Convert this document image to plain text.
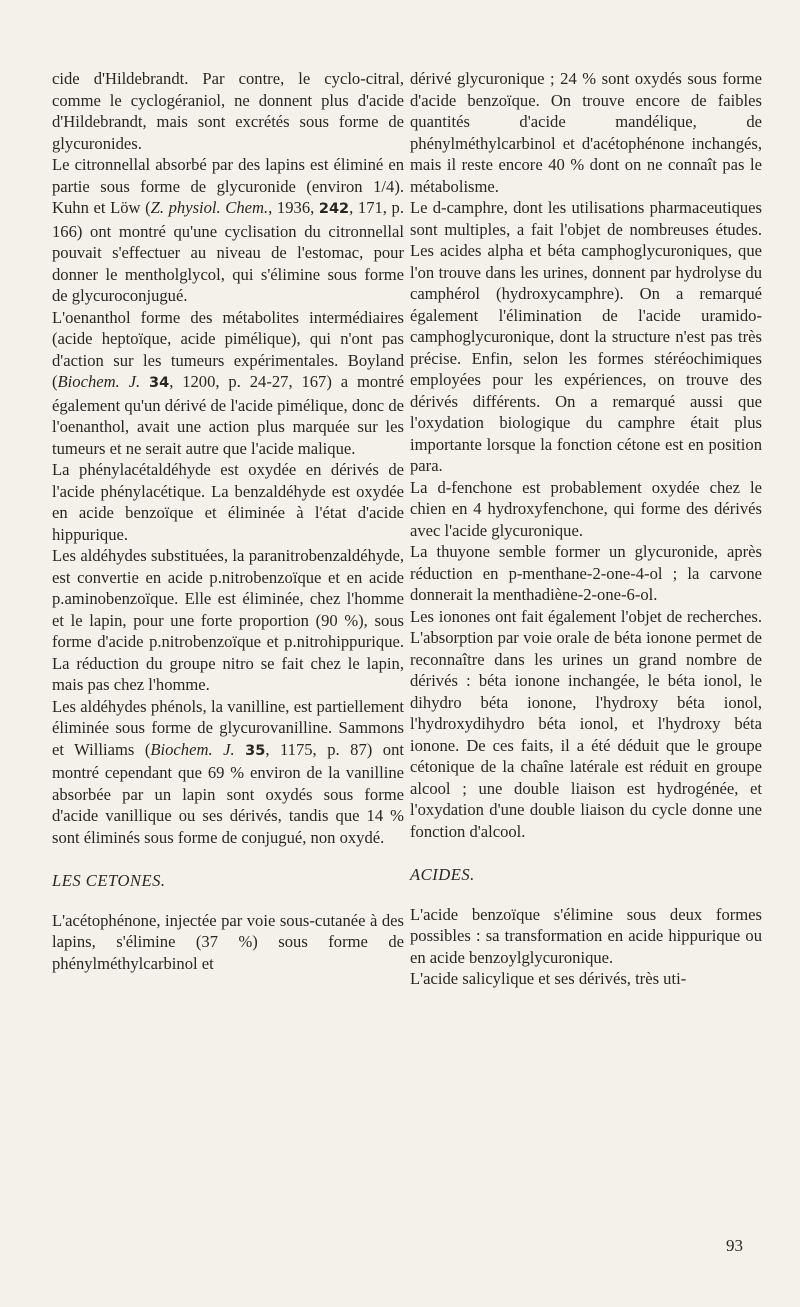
cide d'Hildebrandt. Par contre, le cyclo-citral, comme le cyclogéraniol, ne donnent plus d'acide d'Hildebrandt, mais sont excrétés sous forme de glycuronides.

Le citronnellal absorbé par des lapins est éliminé en partie sous forme de glycuronide (environ 1/4). Kuhn et Löw (Z. physiol. Chem., 1936, 242, 171, p. 166) ont montré qu'une cyclisation du citronnellal pouvait s'effectuer au niveau de l'estomac, pour donner le mentholglycol, qui s'élimine sous forme de glycuroconjugué.

L'oenanthol forme des métabolites intermédiaires (acide heptoïque, acide pimélique), qui n'ont pas d'action sur les tumeurs expérimentales. Boyland (Biochem. J. 34, 1200, p. 24-27, 167) a montré également qu'un dérivé de l'acide pimélique, donc de l'oenanthol, avait une action plus marquée sur les tumeurs et ne serait autre que l'acide malique.

La phénylacétaldéhyde est oxydée en dérivés de l'acide phénylacétique. La benzaldéhyde est oxydée en acide benzoïque et éliminée à l'état d'acide hippurique.

Les aldéhydes substituées, la paranitrobenzaldéhyde, est convertie en acide p.nitrobenzoïque et en acide p.aminobenzoïque. Elle est éliminée, chez l'homme et le lapin, pour une forte proportion (90 %), sous forme d'acide p.nitrobenzoïque et p.nitrohippurique. La réduction du groupe nitro se fait chez le lapin, mais pas chez l'homme.

Les aldéhydes phénols, la vanilline, est partiellement éliminée sous forme de glycurovanilline. Sammons et Williams (Biochem. J. 35, 1175, p. 87) ont montré cependant que 69 % environ de la vanilline absorbée par un lapin sont oxydés sous forme d'acide vanillique ou ses dérivés, tandis que 14 % sont éliminés sous forme de conjugué, non oxydé.

LES CETONES.

L'acétophénone, injectée par voie sous-cutanée à des lapins, s'élimine (37 %) sous forme de phénylméthylcarbinol et

dérivé glycuronique ; 24 % sont oxydés sous forme d'acide benzoïque. On trouve encore de faibles quantités d'acide mandélique, de phénylméthylcarbinol et d'acétophénone inchangés, mais il reste encore 40 % dont on ne connaît pas le métabolisme.

Le d-camphre, dont les utilisations pharmaceutiques sont multiples, a fait l'objet de nombreuses études. Les acides alpha et béta camphoglycuroniques, que l'on trouve dans les urines, donnent par hydrolyse du camphérol (hydroxycamphre). On a remarqué également l'élimination de l'acide uramido-camphoglycuronique, dont la structure n'est pas très précise. Enfin, selon les formes stéréochimiques employées pour les expériences, on trouve des dérivés différents. On a remarqué aussi que l'oxydation biologique du camphre était plus importante lorsque la fonction cétone est en position para.

La d-fenchone est probablement oxydée chez le chien en 4 hydroxyfenchone, qui forme des dérivés avec l'acide glycuronique.

La thuyone semble former un glycuronide, après réduction en p-menthane-2-one-4-ol ; la carvone donnerait la menthadiène-2-one-6-ol.

Les ionones ont fait également l'objet de recherches. L'absorption par voie orale de béta ionone permet de reconnaître dans les urines un grand nombre de dérivés : béta ionone inchangée, le béta ionol, le dihydro béta ionone, l'hydroxy béta ionol, l'hydroxydihydro béta ionol, et l'hydroxy béta ionone. De ces faits, il a été déduit que le groupe cétonique de la chaîne latérale est réduit en groupe alcool ; une double liaison est hydrogénée, et l'oxydation d'une double liaison du cycle donne une fonction d'alcool.

ACIDES.

L'acide benzoïque s'élimine sous deux formes possibles : sa transformation en acide hippurique ou en acide benzoylglycuronique.

L'acide salicylique et ses dérivés, très uti-

93
